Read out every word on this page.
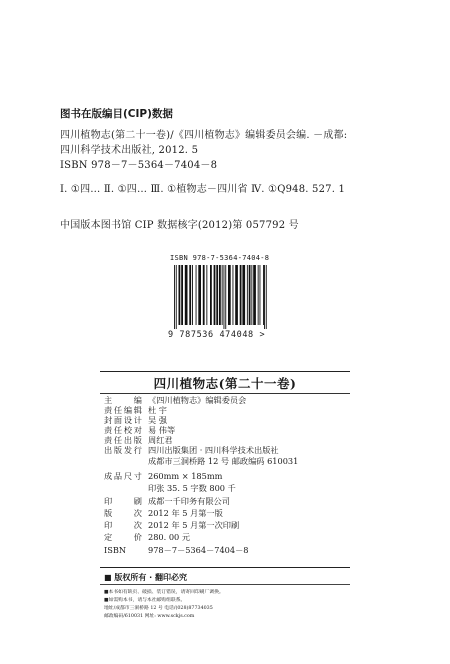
图书在版编目(CIP)数据
四川植物志(第二十一卷)/《四川植物志》编辑委员会编. －成都:
四川科学技术出版社, 2012. 5
ISBN 978－7－5364－7404－8
Ⅰ. ①四… Ⅱ. ①四… Ⅲ. ①植物志－四川省 Ⅳ. ①Q948. 527. 1
中国版本图书馆 CIP 数据核字(2012)第 057792 号
ISBN 978-7-5364-7404-8
9 787536 474048 >
四川植物志(第二十一卷)
主 编 《四川植物志》编辑委员会
责任编辑 杜 宇
封面设计 吴 强
责任校对 易 伟等
责任出版 周红君
出版发行 四川出版集团 · 四川科学技术出版社
成都市三洞桥路 12 号 邮政编码 610031
成品尺寸 260mm × 185mm
印张 35. 5 字数 800 千
印 刷 成都一千印务有限公司
版 次 2012 年 5 月第一版
印 次 2012 年 5 月第一次印刷
定 价 280. 00 元
ISBN	978－7－5364－7404－8
■ 版权所有 · 翻印必究
■本书如有缺页、破损、装订错误，请寄回印刷厂调换。
■如需购本书，请与本社邮购组联系。
地址/成都市三洞桥路 12 号 电话/(028)87734035
邮政编码/610031 网址: www.sckjs.com
